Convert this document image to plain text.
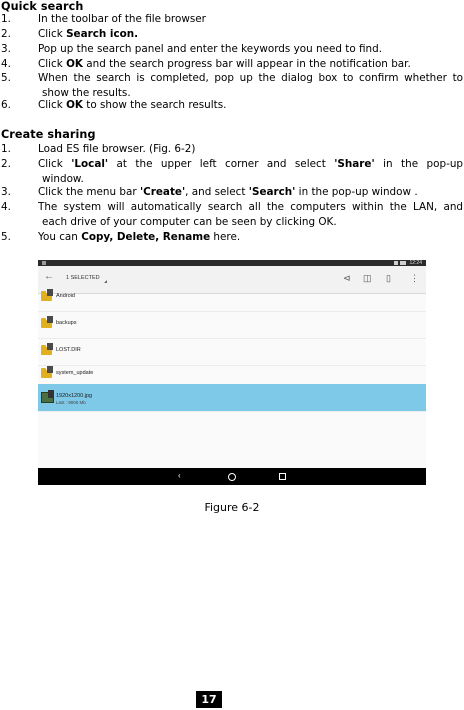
Quick search
1.	In the toolbar of the file browser
2.	Click Search icon.
3.	Pop up the search panel and enter the keywords you need to find.
4.	Click OK and the search progress bar will appear in the notification bar.
5.	When the search is completed, pop up the dialog box to confirm whether to
show the results.
6.	Click OK to show the search results.
Create sharing
1.	Load ES file browser. (Fig. 6-2)
2.	Click 'Local' at the upper left corner and select 'Share' in the pop-up
window.
3.	Click the menu bar 'Create', and select 'Search' in the pop-up window .
4.	The system will automatically search all the computers within the LAN, and
each drive of your computer can be seen by clicking OK.
5.	You can Copy, Delete, Rename here.
12:24
← 1 SELECTED	⊲ ◫ ▯ ⋮
Android
backups
LOST.DIR
system_update
1920x1200.jpg
Last : 9000 Mb
‹
Figure 6-2
17
